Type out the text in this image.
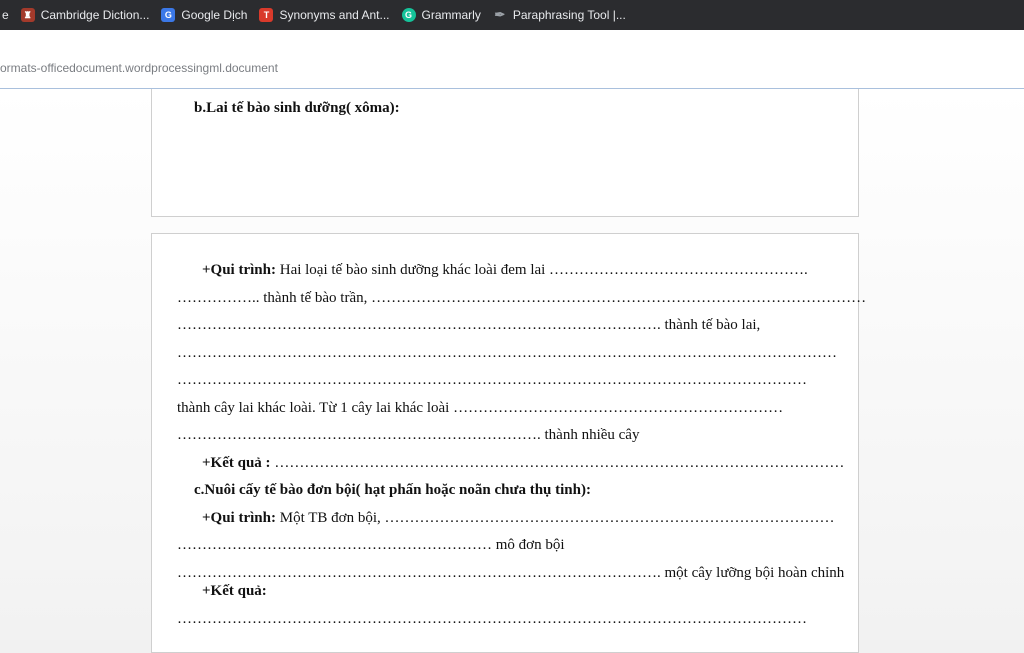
e	♜ Cambridge Diction...	G Google Dịch	T Synonyms and Ant...	G Grammarly ✒ Paraphrasing Tool |...
ormats-officedocument.wordprocessingml.document
b.Lai tế bào sinh dưỡng( xôma):
+Qui trình: Hai loại tế bào sinh dưỡng khác loài đem lai …………………………………………….
…………….. thành tế bào trần, ………………………………………………………………………………………
……………………………………………………………………………………. thành tế bào lai,
……………………………………………………………………………………………………………………
………………………………………………………………………………………………………………
thành cây lai khác loài. Từ 1 cây lai khác loài …………………………………………………………
………………………………………………………………. thành nhiều cây
+Kết quả : ……………………………………………………………………………………………………
c.Nuôi cấy tế bào đơn bội( hạt phấn hoặc noãn chưa thụ tinh):
+Qui trình: Một TB đơn bội, ………………………………………………………………………………
……………………………………………………… mô đơn bội
……………………………………………………………………………………. một cây lưỡng bội hoàn chỉnh
+Kết quả:
………………………………………………………………………………………………………………
